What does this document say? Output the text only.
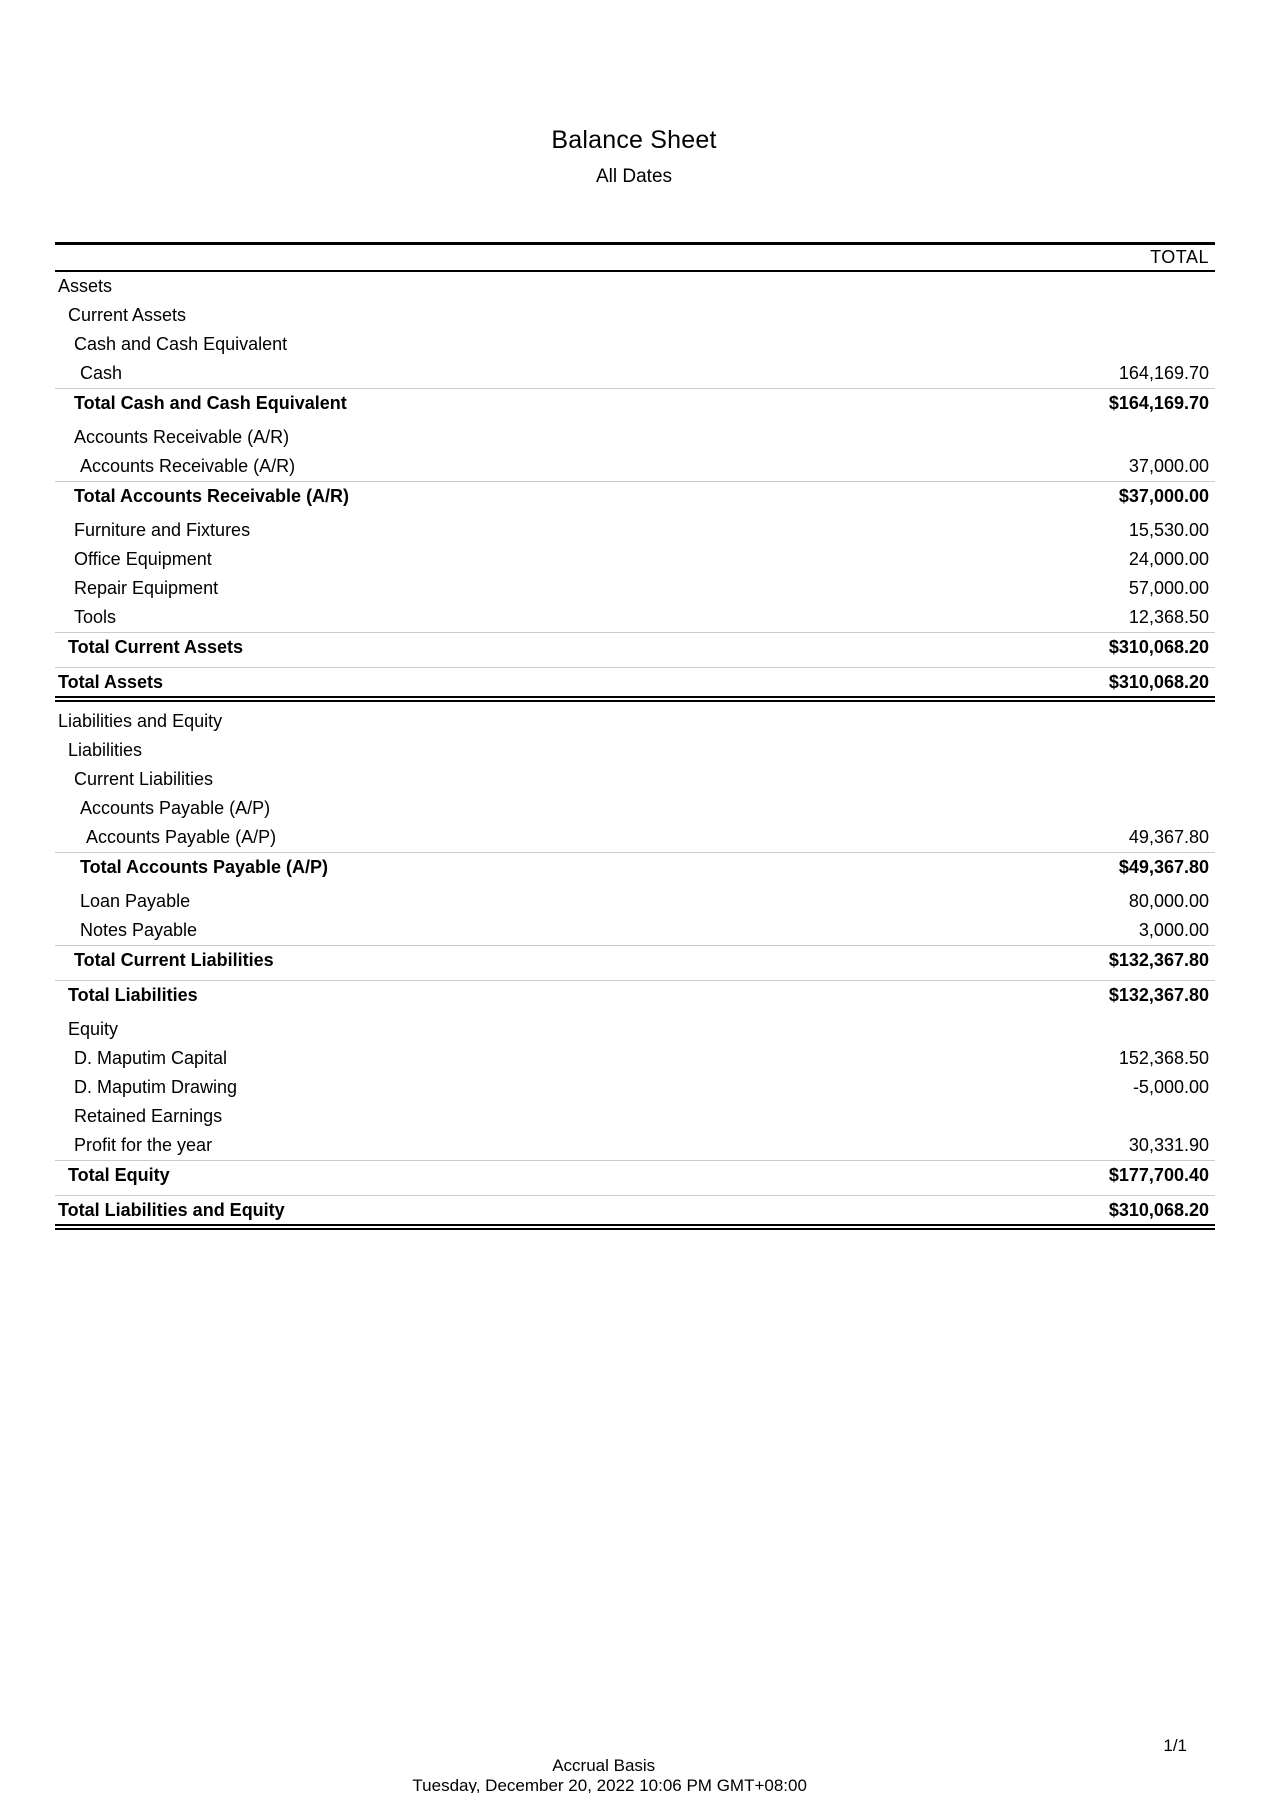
Balance Sheet
All Dates
TOTAL
Assets
Current Assets
Cash and Cash Equivalent
Cash	164,169.70
Total Cash and Cash Equivalent	$164,169.70
Accounts Receivable (A/R)
Accounts Receivable (A/R)	37,000.00
Total Accounts Receivable (A/R)	$37,000.00
Furniture and Fixtures	15,530.00
Office Equipment	24,000.00
Repair Equipment	57,000.00
Tools	12,368.50
Total Current Assets	$310,068.20
Total Assets	$310,068.20
Liabilities and Equity
Liabilities
Current Liabilities
Accounts Payable (A/P)
Accounts Payable (A/P)	49,367.80
Total Accounts Payable (A/P)	$49,367.80
Loan Payable	80,000.00
Notes Payable	3,000.00
Total Current Liabilities	$132,367.80
Total Liabilities	$132,367.80
Equity
D. Maputim Capital	152,368.50
D. Maputim Drawing	-5,000.00
Retained Earnings
Profit for the year	30,331.90
Total Equity	$177,700.40
Total Liabilities and Equity	$310,068.20

Accrual Basis
Tuesday, December 20, 2022 10:06 PM GMT+08:00

1/1
